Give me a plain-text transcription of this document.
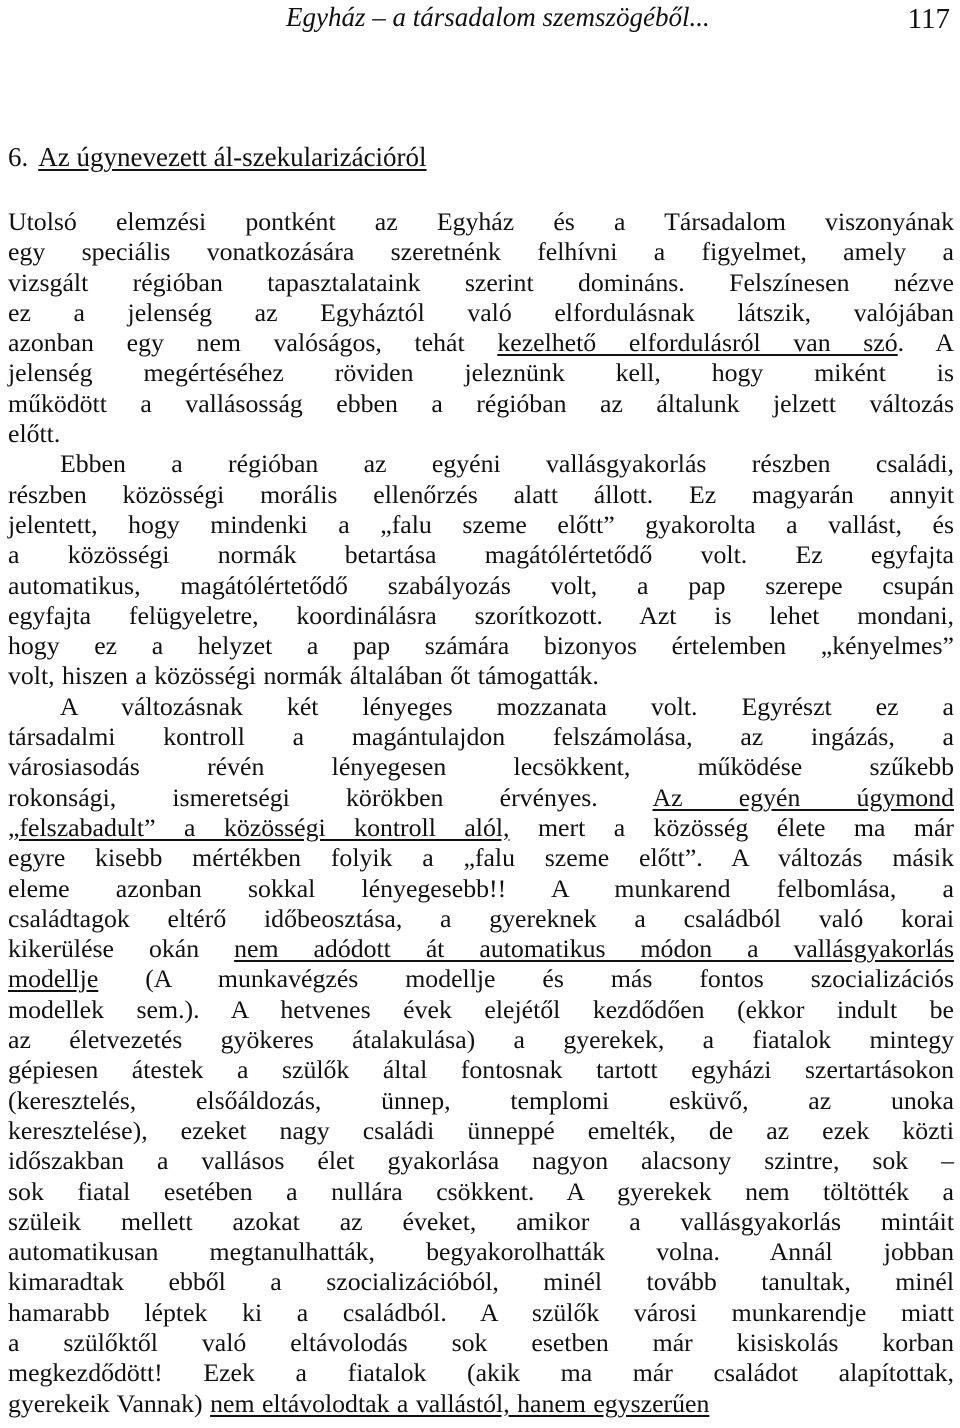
Egyház – a társadalom szemszögéből...	117
6. Az úgynevezett ál-szekularizációról
Utolsó elemzési pontként az Egyház és a Társadalom viszonyának
egy speciális vonatkozására szeretnénk felhívni a figyelmet, amely a
vizsgált régióban tapasztalataink szerint domináns. Felszínesen nézve
ez a jelenség az Egyháztól való elfordulásnak látszik, valójában
azonban egy nem valóságos, tehát kezelhető elfordulásról van szó. A
jelenség megértéséhez röviden jeleznünk kell, hogy miként is
működött a vallásosság ebben a régióban az általunk jelzett változás
előtt.
Ebben a régióban az egyéni vallásgyakorlás részben családi,
részben közösségi morális ellenőrzés alatt állott. Ez magyarán annyit
jelentett, hogy mindenki a „falu szeme előtt” gyakorolta a vallást, és
a közösségi normák betartása magátólértetődő volt. Ez egyfajta
automatikus, magátólértetődő szabályozás volt, a pap szerepe csupán
egyfajta felügyeletre, koordinálásra szorítkozott. Azt is lehet mondani,
hogy ez a helyzet a pap számára bizonyos értelemben „kényelmes”
volt, hiszen a közösségi normák általában őt támogatták.
A változásnak két lényeges mozzanata volt. Egyrészt ez a
társadalmi kontroll a magántulajdon felszámolása, az ingázás, a
városiasodás révén lényegesen lecsökkent, működése szűkebb
rokonsági, ismeretségi körökben érvényes. Az egyén úgymond
„felszabadult” a közösségi kontroll alól, mert a közösség élete ma már
egyre kisebb mértékben folyik a „falu szeme előtt”. A változás másik
eleme azonban sokkal lényegesebb!! A munkarend felbomlása, a
családtagok eltérő időbeosztása, a gyereknek a családból való korai
kikerülése okán nem adódott át automatikus módon a vallásgyakorlás
modellje (A munkavégzés modellje és más fontos szocializációs
modellek sem.). A hetvenes évek elejétől kezdődően (ekkor indult be
az életvezetés gyökeres átalakulása) a gyerekek, a fiatalok mintegy
gépiesen átestek a szülők által fontosnak tartott egyházi szertartásokon
(keresztelés, elsőáldozás, ünnep, templomi esküvő, az unoka
keresztelése), ezeket nagy családi ünneppé emelték, de az ezek közti
időszakban a vallásos élet gyakorlása nagyon alacsony szintre, sok –
sok fiatal esetében a nullára csökkent. A gyerekek nem töltötték a
szüleik mellett azokat az éveket, amikor a vallásgyakorlás mintáit
automatikusan megtanulhatták, begyakorolhatták volna. Annál jobban
kimaradtak ebből a szocializációból, minél tovább tanultak, minél
hamarabb léptek ki a családból. A szülők városi munkarendje miatt
a szülőktől való eltávolodás sok esetben már kisiskolás korban
megkezdődött! Ezek a fiatalok (akik ma már családot alapítottak,
gyerekeik Vannak) nem eltávolodtak a vallástól, hanem egyszerűen
